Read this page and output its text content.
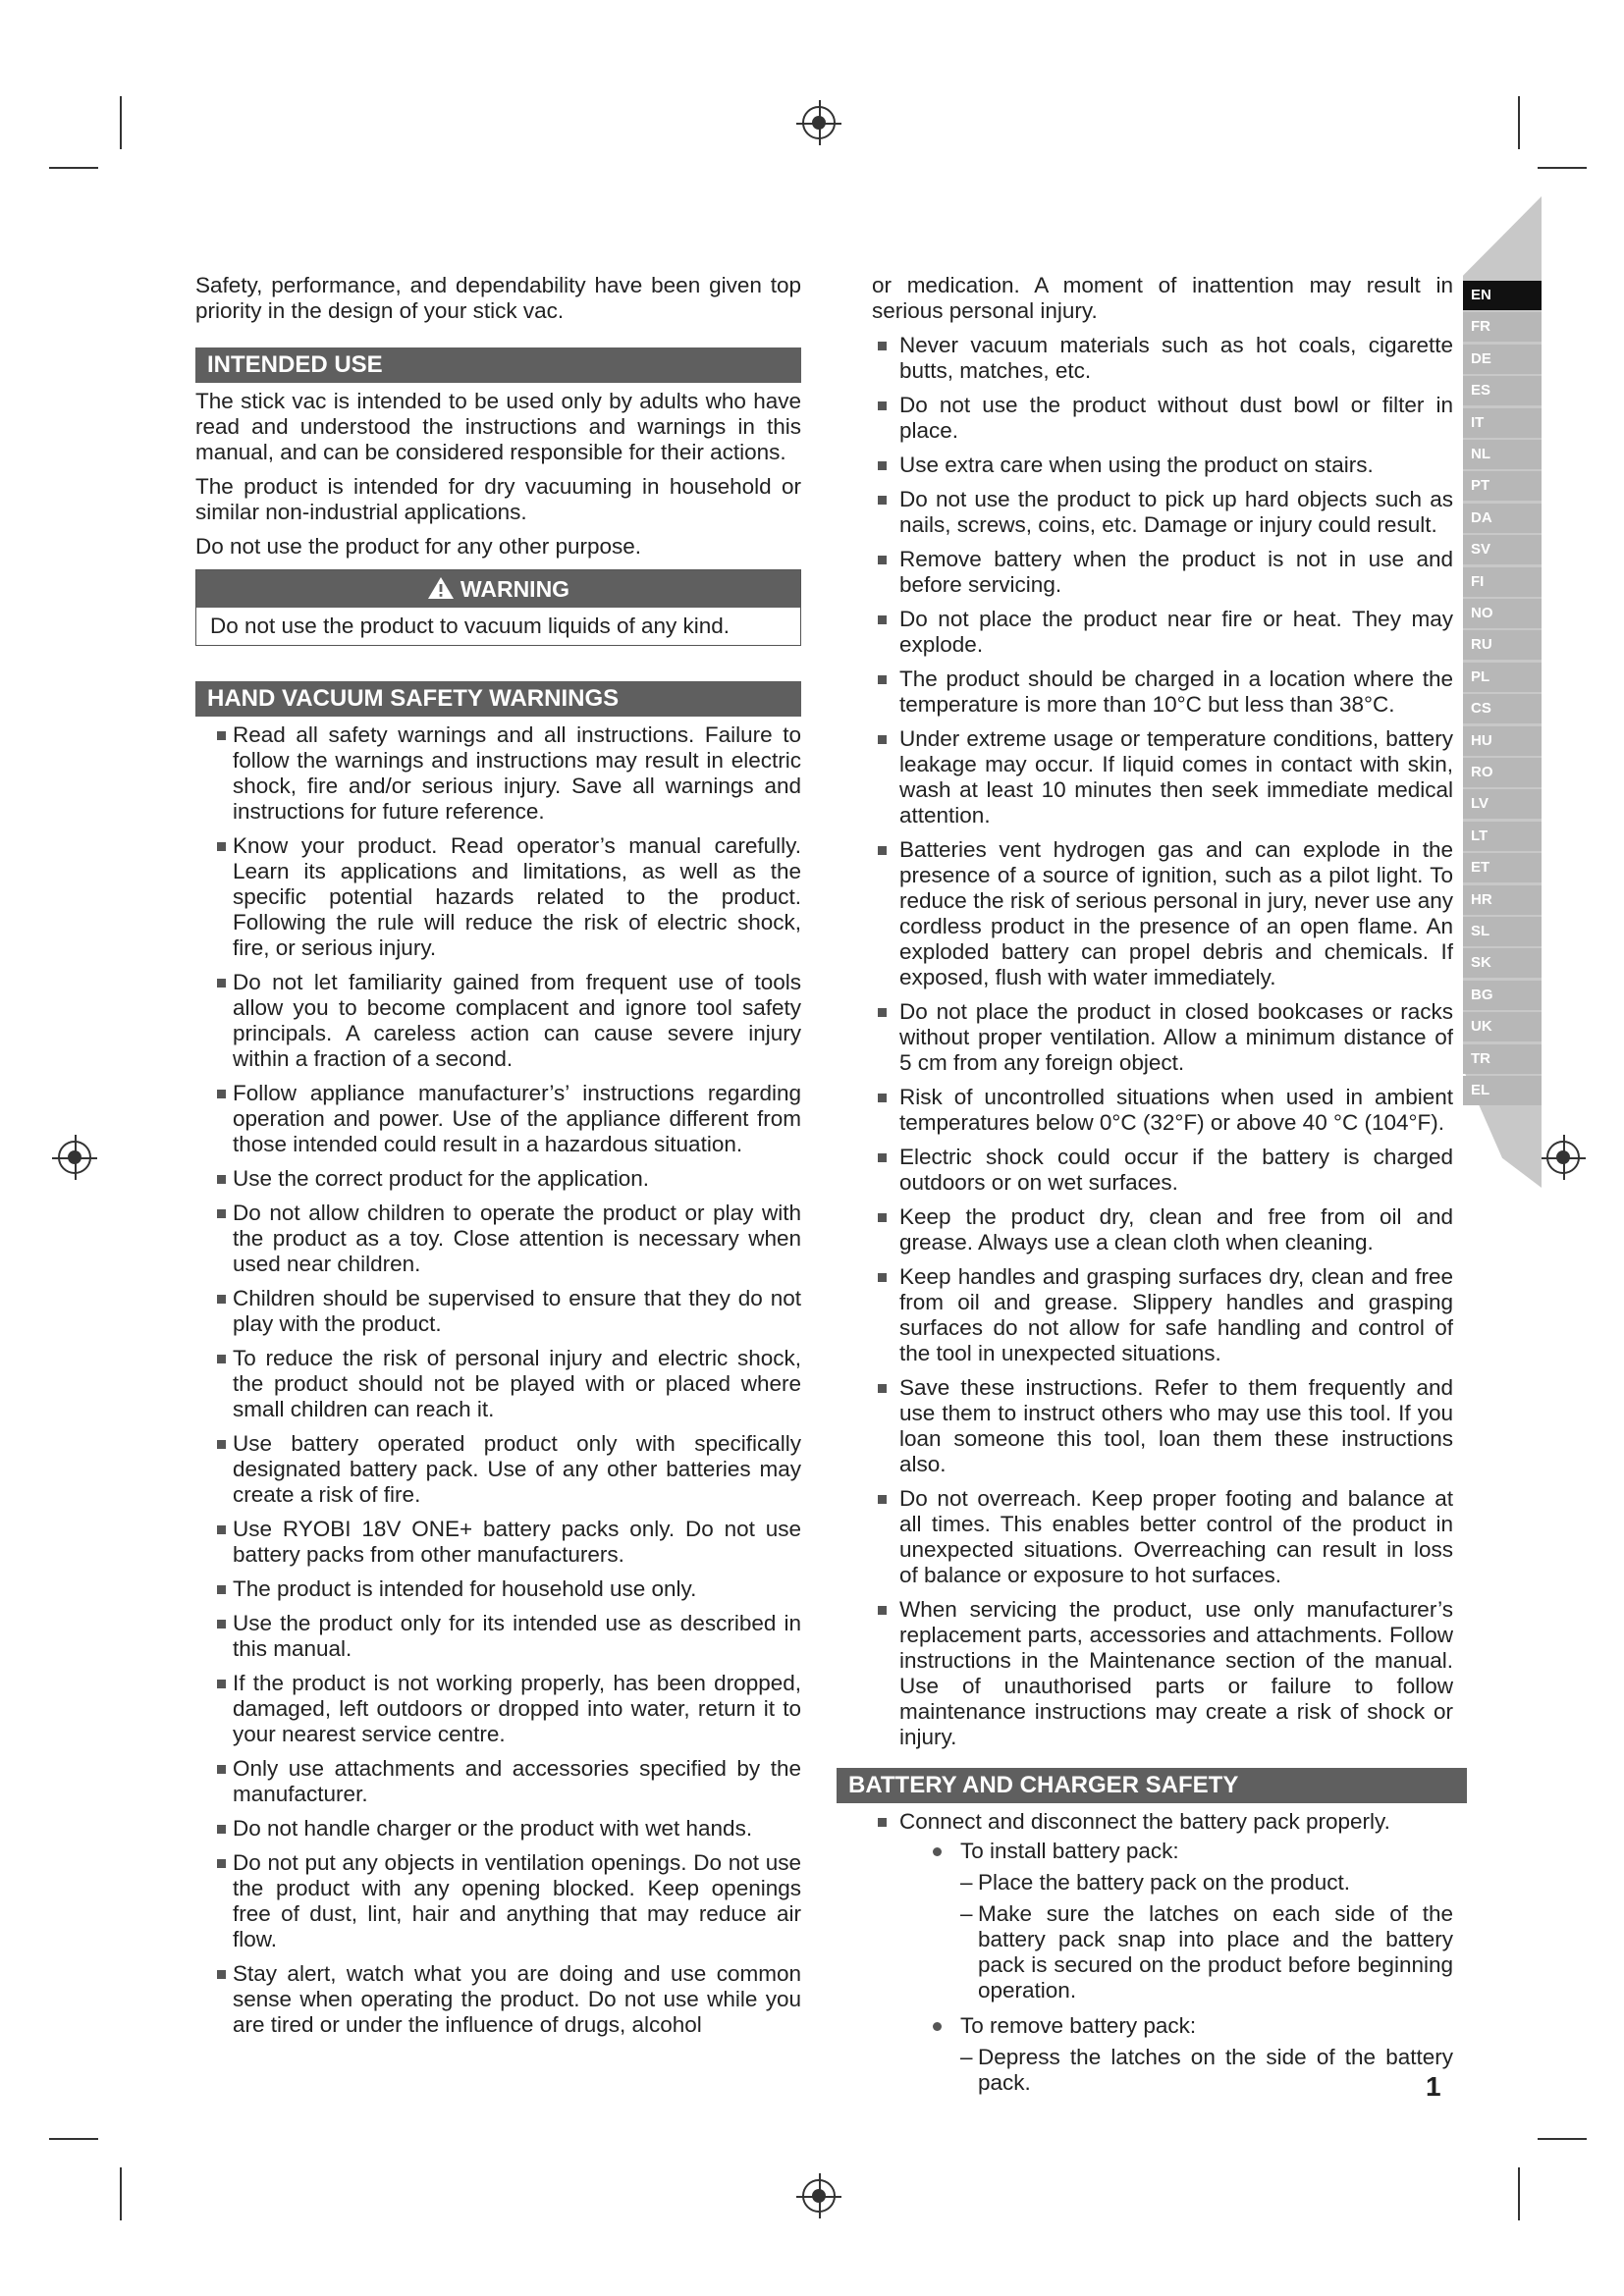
Safety, performance, and dependability have been given top priority in the design of your stick vac.

INTENDED USE

The stick vac is intended to be used only by adults who have read and understood the instructions and warnings in this manual, and can be considered responsible for their actions.

The product is intended for dry vacuuming in household or similar non-industrial applications.

Do not use the product for any other purpose.

WARNING
Do not use the product to vacuum liquids of any kind.
HAND VACUUM SAFETY WARNINGS
Read all safety warnings and all instructions. Failure to follow the warnings and instructions may result in electric shock, fire and/or serious injury. Save all warnings and instructions for future reference.
Know your product. Read operator’s manual carefully. Learn its applications and limitations, as well as the specific potential hazards related to the product. Following the rule will reduce the risk of electric shock, fire, or serious injury.
Do not let familiarity gained from frequent use of tools allow you to become complacent and ignore tool safety principals. A careless action can cause severe injury within a fraction of a second.
Follow appliance manufacturer’s’ instructions regarding operation and power. Use of the appliance different from those intended could result in a hazardous situation.
Use the correct product for the application.
Do not allow children to operate the product or play with the product as a toy. Close attention is necessary when used near children.
Children should be supervised to ensure that they do not play with the product.
To reduce the risk of personal injury and electric shock, the product should not be played with or placed where small children can reach it.
Use battery operated product only with specifically designated battery pack. Use of any other batteries may create a risk of fire.
Use RYOBI 18V ONE+ battery packs only. Do not use battery packs from other manufacturers.
The product is intended for household use only.
Use the product only for its intended use as described in this manual.
If the product is not working properly, has been dropped, damaged, left outdoors or dropped into water, return it to your nearest service centre.
Only use attachments and accessories specified by the manufacturer.
Do not handle charger or the product with wet hands.
Do not put any objects in ventilation openings. Do not use the product with any opening blocked. Keep openings free of dust, lint, hair and anything that may reduce air flow.
Stay alert, watch what you are doing and use common sense when operating the product. Do not use while you are tired or under the influence of drugs, alcohol

or medication. A moment of inattention may result in serious personal injury.

Never vacuum materials such as hot coals, cigarette butts, matches, etc.
Do not use the product without dust bowl or filter in place.
Use extra care when using the product on stairs.
Do not use the product to pick up hard objects such as nails, screws, coins, etc. Damage or injury could result.
Remove battery when the product is not in use and before servicing.
Do not place the product near fire or heat. They may explode.
The product should be charged in a location where the temperature is more than 10°C but less than 38°C.
Under extreme usage or temperature conditions, battery leakage may occur. If liquid comes in contact with skin, wash at least 10 minutes then seek immediate medical attention.
Batteries vent hydrogen gas and can explode in the presence of a source of ignition, such as a pilot light. To reduce the risk of serious personal in jury, never use any cordless product in the presence of an open flame. An exploded battery can propel debris and chemicals. If exposed, flush with water immediately.
Do not place the product in closed bookcases or racks without proper ventilation. Allow a minimum distance of 5 cm from any foreign object.
Risk of uncontrolled situations when used in ambient temperatures below 0°C (32°F) or above 40 °C (104°F).
Electric shock could occur if the battery is charged outdoors or on wet surfaces.
Keep the product dry, clean and free from oil and grease. Always use a clean cloth when cleaning.
Keep handles and grasping surfaces dry, clean and free from oil and grease. Slippery handles and grasping surfaces do not allow for safe handling and control of the tool in unexpected situations.
Save these instructions. Refer to them frequently and use them to instruct others who may use this tool. If you loan someone this tool, loan them these instructions also.
Do not overreach. Keep proper footing and balance at all times. This enables better control of the product in unexpected situations. Overreaching can result in loss of balance or exposure to hot surfaces.
When servicing the product, use only manufacturer’s replacement parts, accessories and attachments. Follow instructions in the Maintenance section of the manual. Use of unauthorised parts or failure to follow maintenance instructions may create a risk of shock or injury.
BATTERY AND CHARGER SAFETY
Connect and disconnect the battery pack properly.
To install battery pack:
– Place the battery pack on the product.
– Make sure the latches on each side of the battery pack snap into place and the battery pack is secured on the product before beginning operation.
To remove battery pack:
– Depress the latches on the side of the battery pack.
EN
FR
DE
ES
IT
NL
PT
DA
SV
FI
NO
RU
PL
CS
HU
RO
LV
LT
ET
HR
SL
SK
BG
UK
TR
EL
1
